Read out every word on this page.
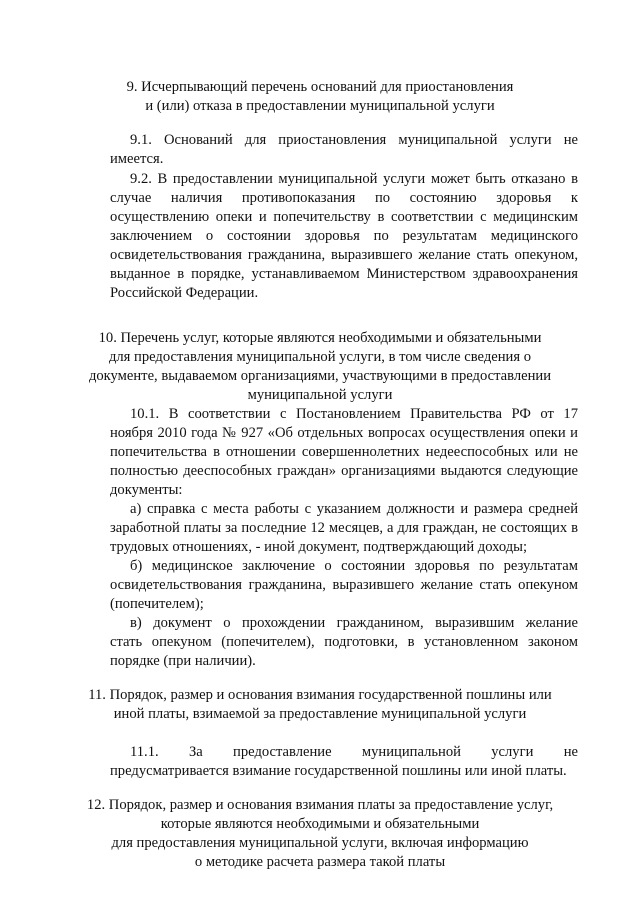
9. Исчерпывающий перечень оснований для приостановления
и (или) отказа в предоставлении муниципальной услуги
9.1. Оснований для приостановления муниципальной услуги не
имеется.
9.2. В предоставлении муниципальной услуги может быть отказано в
случае наличия противопоказания по состоянию здоровья к
осуществлению опеки и попечительству в соответствии с медицинским
заключением о состоянии здоровья по результатам медицинского
освидетельствования гражданина, выразившего желание стать опекуном,
выданное в порядке, устанавливаемом Министерством здравоохранения
Российской Федерации.
10. Перечень услуг, которые являются необходимыми и обязательными
для предоставления муниципальной услуги, в том числе сведения о
документе, выдаваемом организациями, участвующими в предоставлении
муниципальной услуги
10.1. В соответствии с Постановлением Правительства РФ от 17
ноября 2010 года № 927 «Об отдельных вопросах осуществления опеки и
попечительства в отношении совершеннолетних недееспособных или не
полностью дееспособных граждан» организациями выдаются следующие
документы:
а) справка с места работы с указанием должности и размера средней
заработной платы за последние 12 месяцев, а для граждан, не состоящих в
трудовых отношениях, - иной документ, подтверждающий доходы;
б) медицинское заключение о состоянии здоровья по результатам
освидетельствования гражданина, выразившего желание стать опекуном
(попечителем);
в) документ о прохождении гражданином, выразившим желание
стать опекуном (попечителем), подготовки, в установленном законом
порядке (при наличии).
11. Порядок, размер и основания взимания государственной пошлины или
иной платы, взимаемой за предоставление муниципальной услуги
11.1. За предоставление муниципальной услуги не
предусматривается взимание государственной пошлины или иной платы.
12. Порядок, размер и основания взимания платы за предоставление услуг,
которые являются необходимыми и обязательными
для предоставления муниципальной услуги, включая информацию
о методике расчета размера такой платы
